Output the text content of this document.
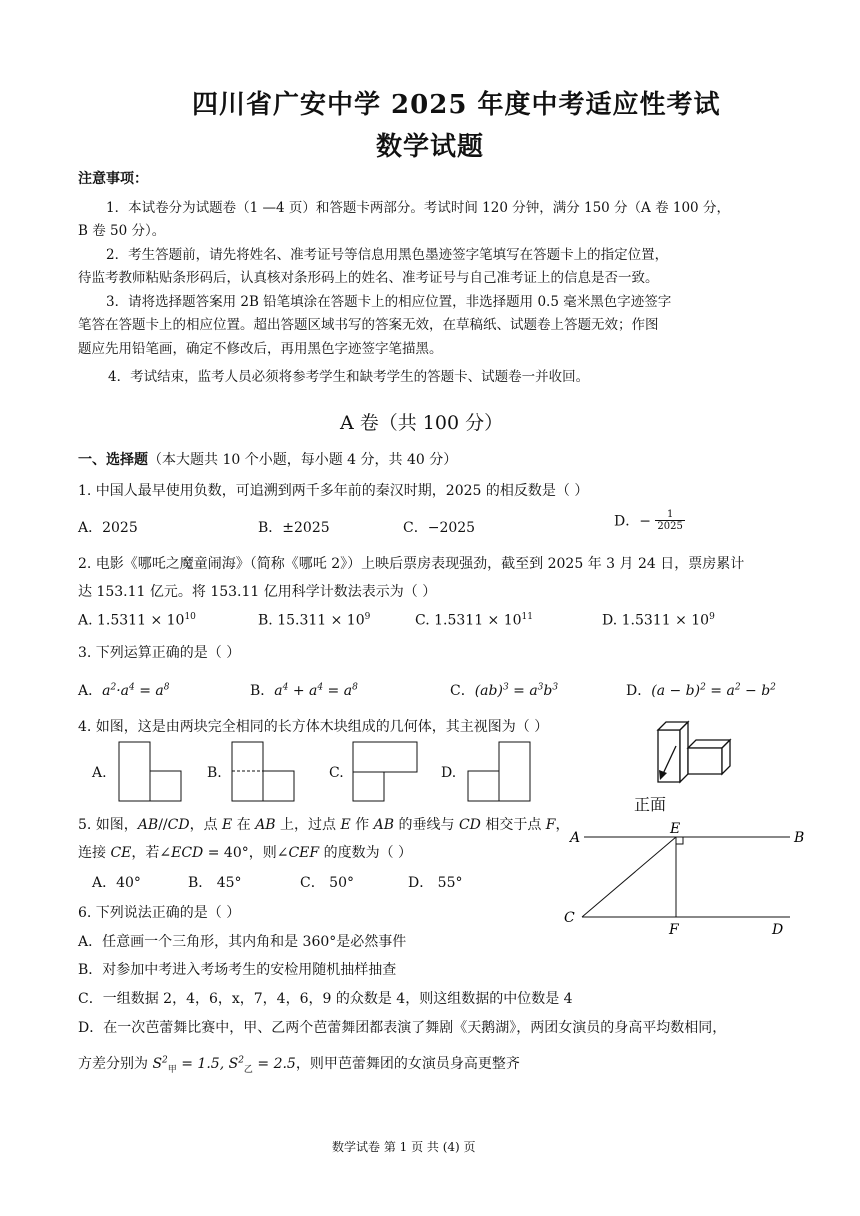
四川省广安中学 2025 年度中考适应性考试
数学试题
注意事项：
1．本试卷分为试题卷（1 —4 页）和答题卡两部分。考试时间 120 分钟，满分 150 分（A 卷 100 分，
B 卷 50 分）。
2．考生答题前，请先将姓名、准考证号等信息用黑色墨迹签字笔填写在答题卡上的指定位置，
待监考教师粘贴条形码后，认真核对条形码上的姓名、准考证号与自己准考证上的信息是否一致。
3．请将选择题答案用 2B 铅笔填涂在答题卡上的相应位置，非选择题用 0.5 毫米黑色字迹签字
笔答在答题卡上的相应位置。超出答题区域书写的答案无效，在草稿纸、试题卷上答题无效；作图
题应先用铅笔画，确定不修改后，再用黑色字迹签字笔描黑。
4．考试结束，监考人员必须将参考学生和缺考学生的答题卡、试题卷一并收回。
A 卷（共 100 分）
一、选择题（本大题共 10 个小题，每小题 4 分，共 40 分）
1. 中国人最早使用负数，可追溯到两千多年前的秦汉时期，2025 的相反数是（ ）
A．2025	B．±2025	C．−2025	D．− $\frac{1}{2025}$
2. 电影《哪吒之魔童闹海》（简称《哪吒 2》）上映后票房表现强劲，截至到 2025 年 3 月 24 日，票房累计
达 153.11 亿元。将 153.11 亿用科学计数法表示为（ ）
A. $1.5311 \times 10^{10}$	B. $15.311 \times 10^9$	C. $1.5311 \times 10^{11}$	D. $1.5311 \times 10^9$
3. 下列运算正确的是（ ）
A．$a^2\cdot a^4 = a^8$	B．$a^4 + a^4 = a^8$	C．$(ab)^3 = a^3b^3$	D．$(a - b)^2 = a^2 - b^2$
4. 如图，这是由两块完全相同的长方体木块组成的几何体，其主视图为（ ）
A.	B.	C.	D.
正面
5. 如图，AB//CD，点 E 在 AB 上，过点 E 作 AB 的垂线与 CD 相交于点 F，
连接 CE，若∠ECD = 40°，则∠CEF 的度数为（ ）
A．40°	B． 45°	C． 50°	D． 55°
A	B
E
C
F	D
6. 下列说法正确的是（ ）
A．任意画一个三角形，其内角和是 360°是必然事件
B．对参加中考进入考场考生的安检用随机抽样抽查
C．一组数据 2，4，6，x，7，4，6，9 的众数是 4，则这组数据的中位数是 4
D．在一次芭蕾舞比赛中，甲、乙两个芭蕾舞团都表演了舞剧《天鹅湖》，两团女演员的身高平均数相同，
方差分别为 $S^2_甲 = 1.5$, $S^2_乙 = 2.5$，则甲芭蕾舞团的女演员身高更整齐
数学试卷 第 1 页 共 (4) 页
